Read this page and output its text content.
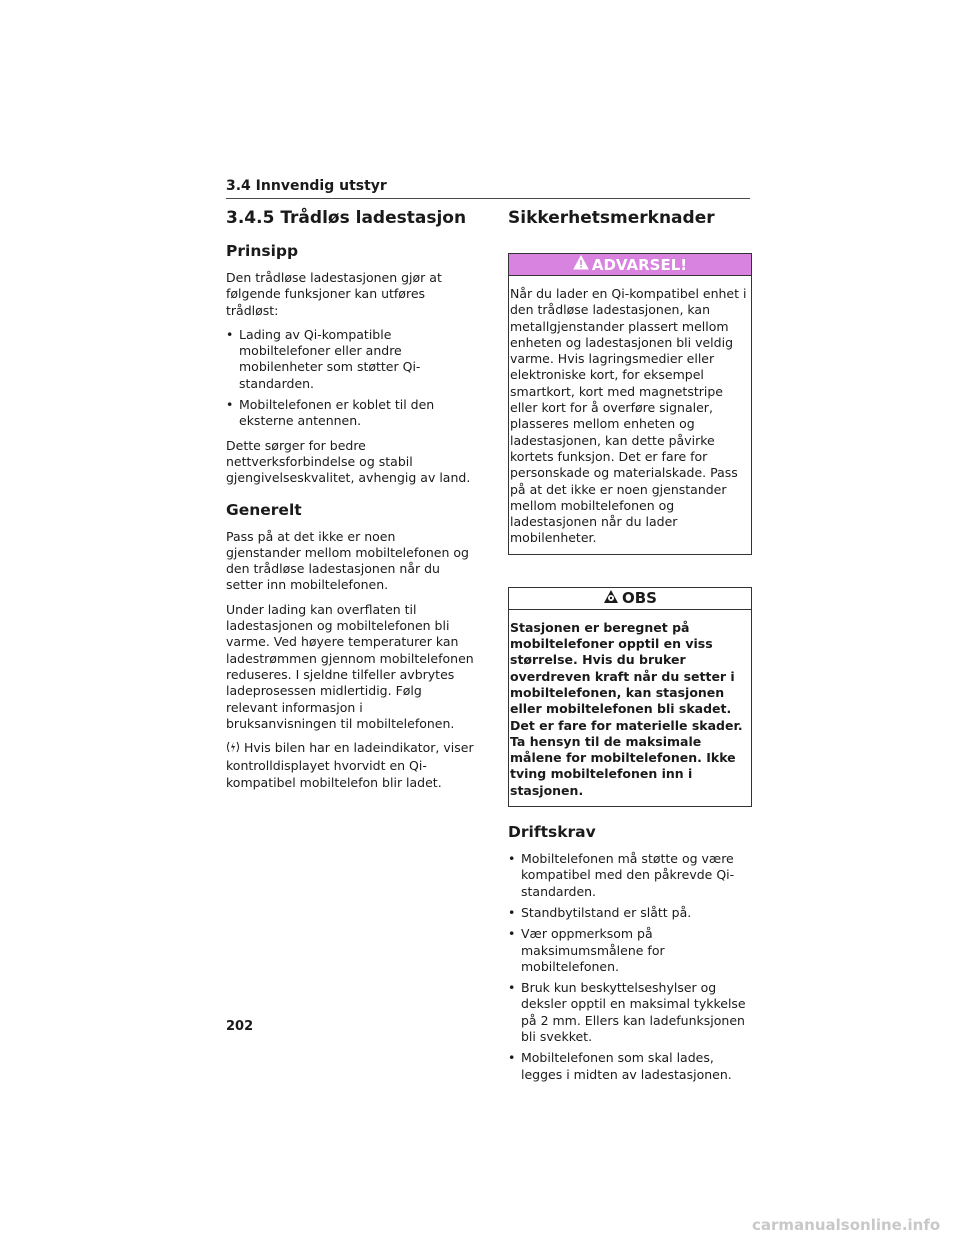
3.4 Innvendig utstyr
3.4.5 Trådløs ladestasjon
Prinsipp

Den trådløse ladestasjonen gjør at følgende funksjoner kan utføres trådløst:

• Lading av Qi-kompatible mobiltelefoner eller andre mobilenheter som støtter Qi-standarden.
• Mobiltelefonen er koblet til den eksterne antennen.

Dette sørger for bedre nettverksforbindelse og stabil gjengivelseskvalitet, avhengig av land.

Generelt

Pass på at det ikke er noen gjenstander mellom mobiltelefonen og den trådløse ladestasjonen når du setter inn mobiltelefonen.

Under lading kan overflaten til ladestasjonen og mobiltelefonen bli varme. Ved høyere temperaturer kan ladestrømmen gjennom mobiltelefonen reduseres. I sjeldne tilfeller avbrytes ladeprosessen midlertidig. Følg relevant informasjon i bruksanvisningen til mobiltelefonen.

Hvis bilen har en ladeindikator, viser kontrolldisplayet hvorvidt en Qi-kompatibel mobiltelefon blir ladet.

Sikkerhetsmerknader
ADVARSEL!

Når du lader en Qi-kompatibel enhet i den trådløse ladestasjonen, kan metallgjenstander plassert mellom enheten og ladestasjonen bli veldig varme. Hvis lagringsmedier eller elektroniske kort, for eksempel smartkort, kort med magnetstripe eller kort for å overføre signaler, plasseres mellom enheten og ladestasjonen, kan dette påvirke kortets funksjon. Det er fare for personskade og materialskade. Pass på at det ikke er noen gjenstander mellom mobiltelefonen og ladestasjonen når du lader mobilenheter.

OBS

Stasjonen er beregnet på mobiltelefoner opptil en viss størrelse. Hvis du bruker overdreven kraft når du setter i mobiltelefonen, kan stasjonen eller mobiltelefonen bli skadet. Det er fare for materielle skader. Ta hensyn til de maksimale målene for mobiltelefonen. Ikke tving mobiltelefonen inn i stasjonen.

Driftskrav
• Mobiltelefonen må støtte og være kompatibel med den påkrevde Qi-standarden.
• Standbytilstand er slått på.
• Vær oppmerksom på maksimumsmålene for mobiltelefonen.
• Bruk kun beskyttelseshylser og deksler opptil en maksimal tykkelse på 2 mm. Ellers kan ladefunksjonen bli svekket.
• Mobiltelefonen som skal lades, legges i midten av ladestasjonen.
202
carmanualsonline.info
